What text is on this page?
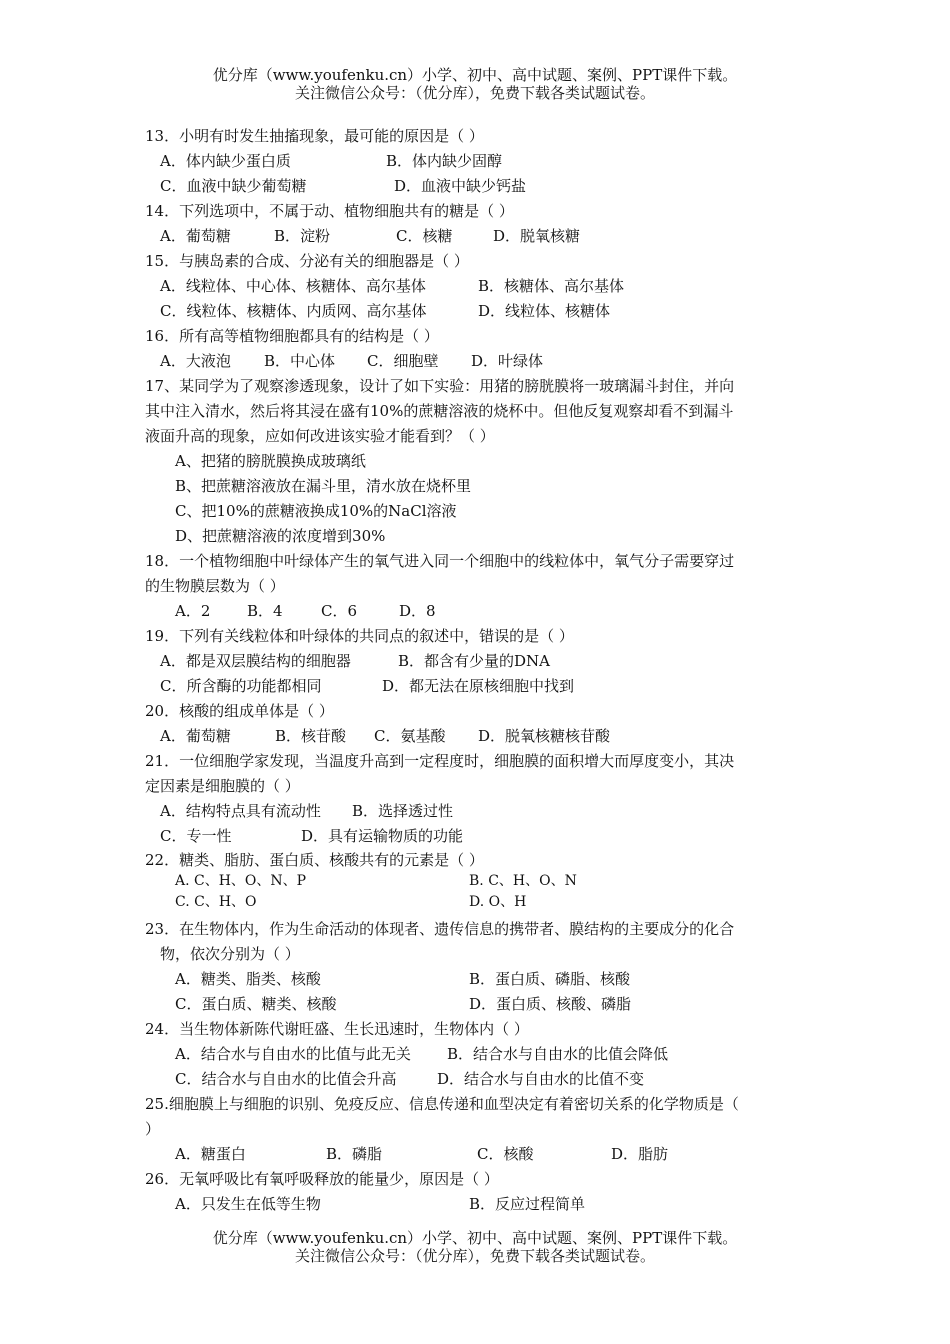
优分库（www.youfenku.cn）小学、初中、高中试题、案例、PPT课件下载。
关注微信公众号：（优分库），免费下载各类试题试卷。
13．小明有时发生抽搐现象，最可能的原因是（ ）
A．体内缺少蛋白质	B．体内缺少固醇
C．血液中缺少葡萄糖	D．血液中缺少钙盐
14．下列选项中，不属于动、植物细胞共有的糖是（ ）
A．葡萄糖	B．淀粉	C．核糖	D．脱氧核糖
15．与胰岛素的合成、分泌有关的细胞器是（ ）
A．线粒体、中心体、核糖体、高尔基体	B．核糖体、高尔基体
C．线粒体、核糖体、内质网、高尔基体	D．线粒体、核糖体
16．所有高等植物细胞都具有的结构是（ ）
A．大液泡	B．中心体	C．细胞壁	D．叶绿体
17、某同学为了观察渗透现象，设计了如下实验：用猪的膀胱膜将一玻璃漏斗封住，并向
其中注入清水，然后将其浸在盛有10%的蔗糖溶液的烧杯中。但他反复观察却看不到漏斗
液面升高的现象，应如何改进该实验才能看到？（ ）
A、把猪的膀胱膜换成玻璃纸
B、把蔗糖溶液放在漏斗里，清水放在烧杯里
C、把10%的蔗糖液换成10%的NaCl溶液
D、把蔗糖溶液的浓度增到30%
18．一个植物细胞中叶绿体产生的氧气进入同一个细胞中的线粒体中，氧气分子需要穿过
的生物膜层数为（ ）
A．2	B．4	C．6	D．8
19．下列有关线粒体和叶绿体的共同点的叙述中，错误的是（ ）
A．都是双层膜结构的细胞器	B．都含有少量的DNA
C．所含酶的功能都相同	D．都无法在原核细胞中找到
20．核酸的组成单体是（ ）
A．葡萄糖	B．核苷酸	C．氨基酸	D．脱氧核糖核苷酸
21．一位细胞学家发现，当温度升高到一定程度时，细胞膜的面积增大而厚度变小，其决
定因素是细胞膜的（ ）
A．结构特点具有流动性	B．选择透过性
C．专一性	D．具有运输物质的功能
22．糖类、脂肪、蛋白质、核酸共有的元素是（ ）
A. C、H、O、N、P	B. C、H、O、N
C. C、H、O	D. O、H
23．在生物体内，作为生命活动的体现者、遗传信息的携带者、膜结构的主要成分的化合
物，依次分别为（ ）
A．糖类、脂类、核酸	B．蛋白质、磷脂、核酸
C．蛋白质、糖类、核酸	D．蛋白质、核酸、磷脂
24．当生物体新陈代谢旺盛、生长迅速时，生物体内（ ）
A．结合水与自由水的比值与此无关	B．结合水与自由水的比值会降低
C．结合水与自由水的比值会升高	D．结合水与自由水的比值不变
25.细胞膜上与细胞的识别、免疫反应、信息传递和血型决定有着密切关系的化学物质是（
）
A．糖蛋白	B．磷脂	C．核酸	D．脂肪
26．无氧呼吸比有氧呼吸释放的能量少，原因是（ ）
A．只发生在低等生物	B．反应过程简单
优分库（www.youfenku.cn）小学、初中、高中试题、案例、PPT课件下载。
关注微信公众号：（优分库），免费下载各类试题试卷。
